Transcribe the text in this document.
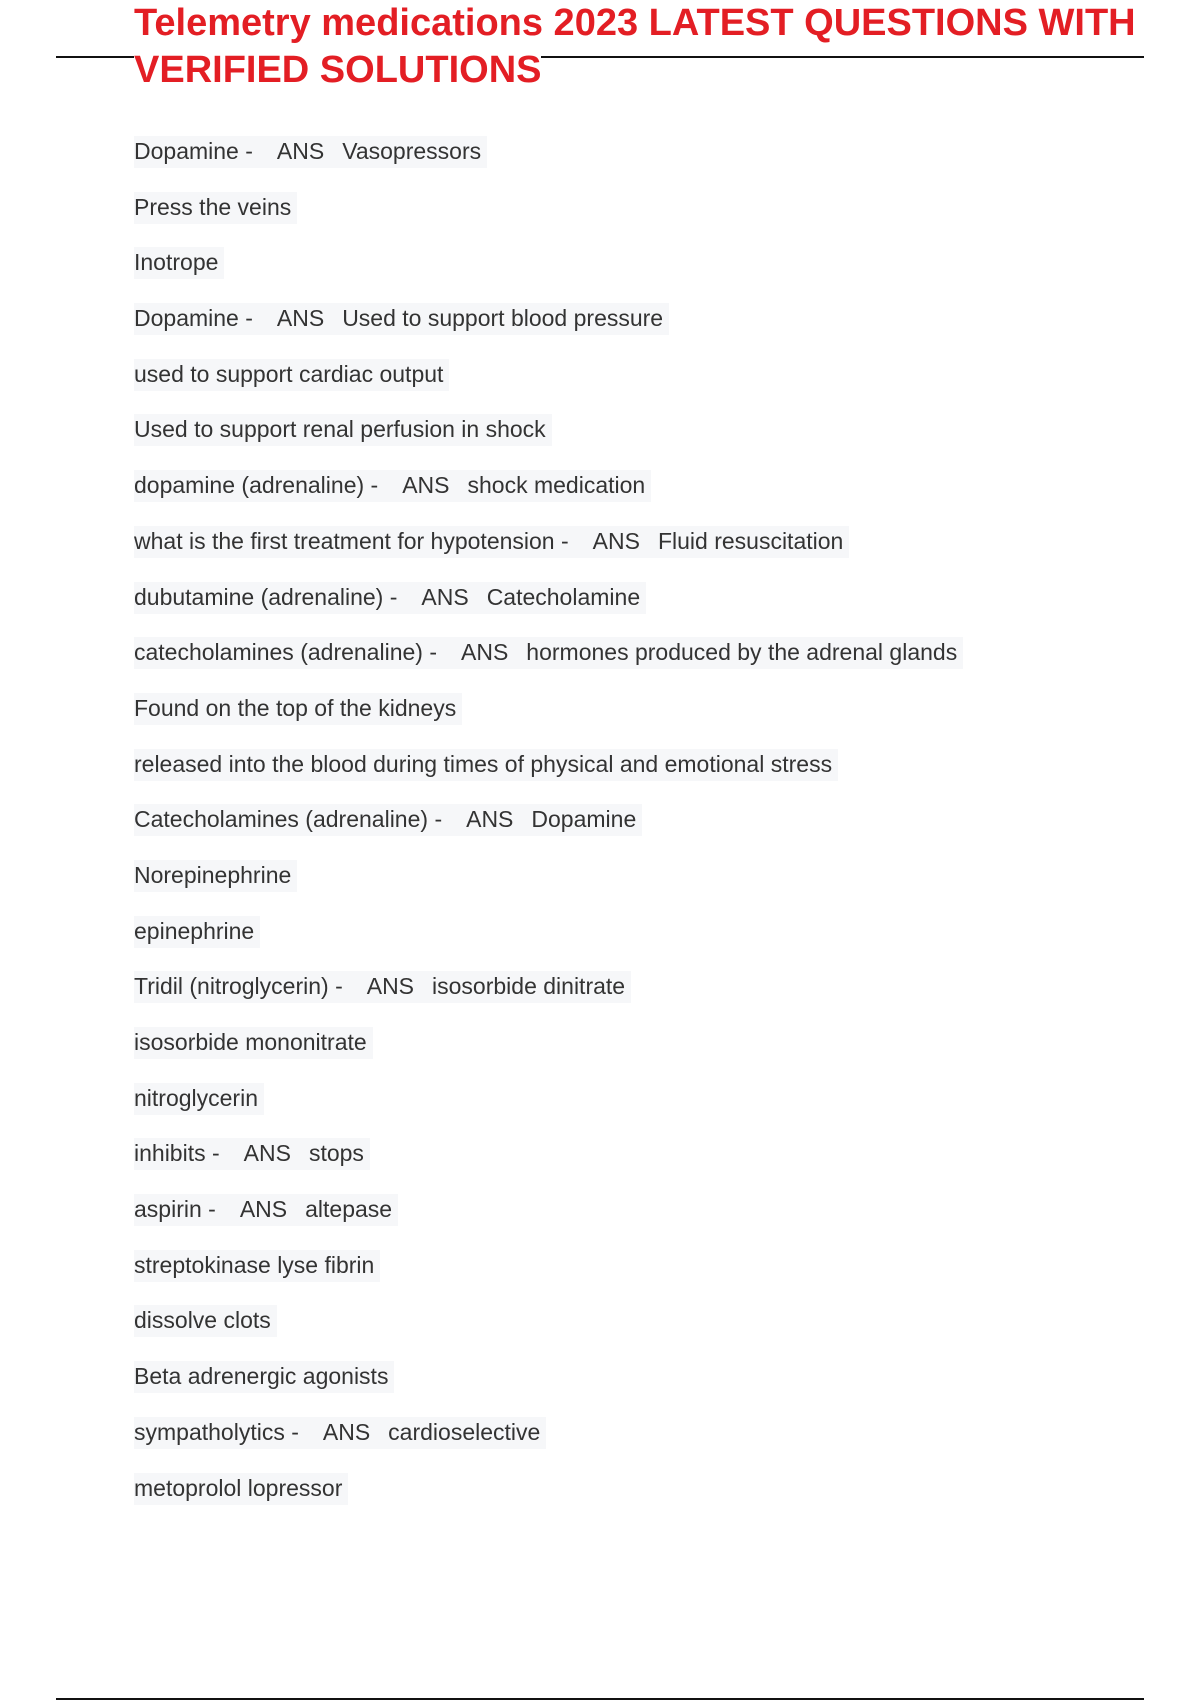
Telemetry medications 2023 LATEST QUESTIONS WITH
VERIFIED SOLUTIONS
Dopamine - ANS Vasopressors
Press the veins
Inotrope
Dopamine - ANS Used to support blood pressure
used to support cardiac output
Used to support renal perfusion in shock
dopamine (adrenaline) - ANS shock medication
what is the first treatment for hypotension - ANS Fluid resuscitation
dubutamine (adrenaline) - ANS Catecholamine
catecholamines (adrenaline) - ANS hormones produced by the adrenal glands
Found on the top of the kidneys
released into the blood during times of physical and emotional stress
Catecholamines (adrenaline) - ANS Dopamine
Norepinephrine
epinephrine
Tridil (nitroglycerin) - ANS isosorbide dinitrate
isosorbide mononitrate
nitroglycerin
inhibits - ANS stops
aspirin - ANS altepase
streptokinase lyse fibrin
dissolve clots
Beta adrenergic agonists
sympatholytics - ANS cardioselective
metoprolol lopressor
